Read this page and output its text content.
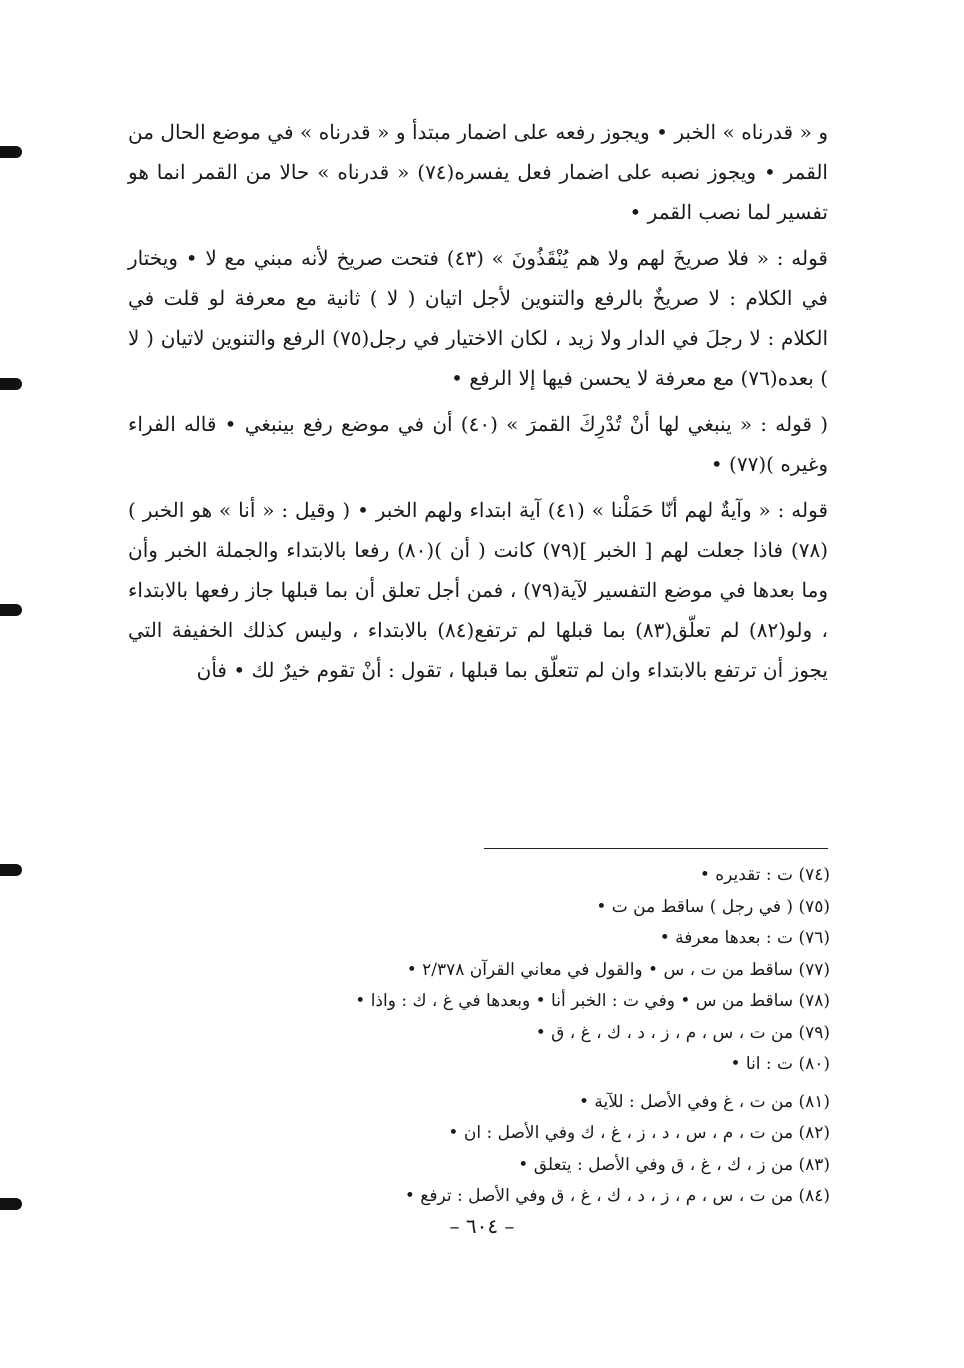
و « قدرناه » الخبر • ويجوز رفعه على اضمار مبتدأ و « قدرناه » في موضع الحال من القمر • ويجوز نصبه على اضمار فعل يفسره(٧٤) « قدرناه » حالا من القمر انما هو تفسير لما نصب القمر •

قوله : « فلا صريخَ لهم ولا هم يُنْقَذُونَ » (٤٣) فتحت صريخ لأنه مبني مع لا • ويختار في الكلام : لا صريخٌ بالرفع والتنوين لأجل اتيان ( لا ) ثانية مع معرفة لو قلت في الكلام : لا رجلَ في الدار ولا زيد ، لكان الاختيار في رجل(٧٥) الرفع والتنوين لاتيان ( لا ) بعده(٧٦) مع معرفة لا يحسن فيها إلا الرفع •

( قوله : « ينبغي لها أنْ تُدْرِكَ القمرَ » (٤٠) أن في موضع رفع بينبغي • قاله الفراء وغيره )(٧٧) •

قوله : « وآيةٌ لهم أنّا حَمَلْنا » (٤١) آية ابتداء ولهم الخبر • ( وقيل : « أنا » هو الخبر )(٧٨) فاذا جعلت لهم [ الخبر ](٧٩) كانت ( أن )(٨٠) رفعا بالابتداء والجملة الخبر وأن وما بعدها في موضع التفسير لآية(٧٩) ، فمن أجل تعلق أن بما قبلها جاز رفعها بالابتداء ، ولو(٨٢) لم تعلّق(٨٣) بما قبلها لم ترتفع(٨٤) بالابتداء ، وليس كذلك الخفيفة التي يجوز أن ترتفع بالابتداء وان لم تتعلّق بما قبلها ، تقول : أنْ تقوم خيرٌ لك • فأن

(٧٤) ت : تقديره •
(٧٥) ( في رجل ) ساقط من ت •
(٧٦) ت : بعدها معرفة •
(٧٧) ساقط من ت ، س • والقول في معاني القرآن ٢/٣٧٨ •
(٧٨) ساقط من س • وفي ت : الخبر أنا • وبعدها في غ ، ك : واذا •
(٧٩) من ت ، س ، م ، ز ، د ، ك ، غ ، ق •
(٨٠) ت : انا •
(٨١) من ت ، غ وفي الأصل : للآية •
(٨٢) من ت ، م ، س ، د ، ز ، غ ، ك وفي الأصل : ان •
(٨٣) من ز ، ك ، غ ، ق وفي الأصل : يتعلق •
(٨٤) من ت ، س ، م ، ز ، د ، ك ، غ ، ق وفي الأصل : ترفع •
– ٦٠٤ –
